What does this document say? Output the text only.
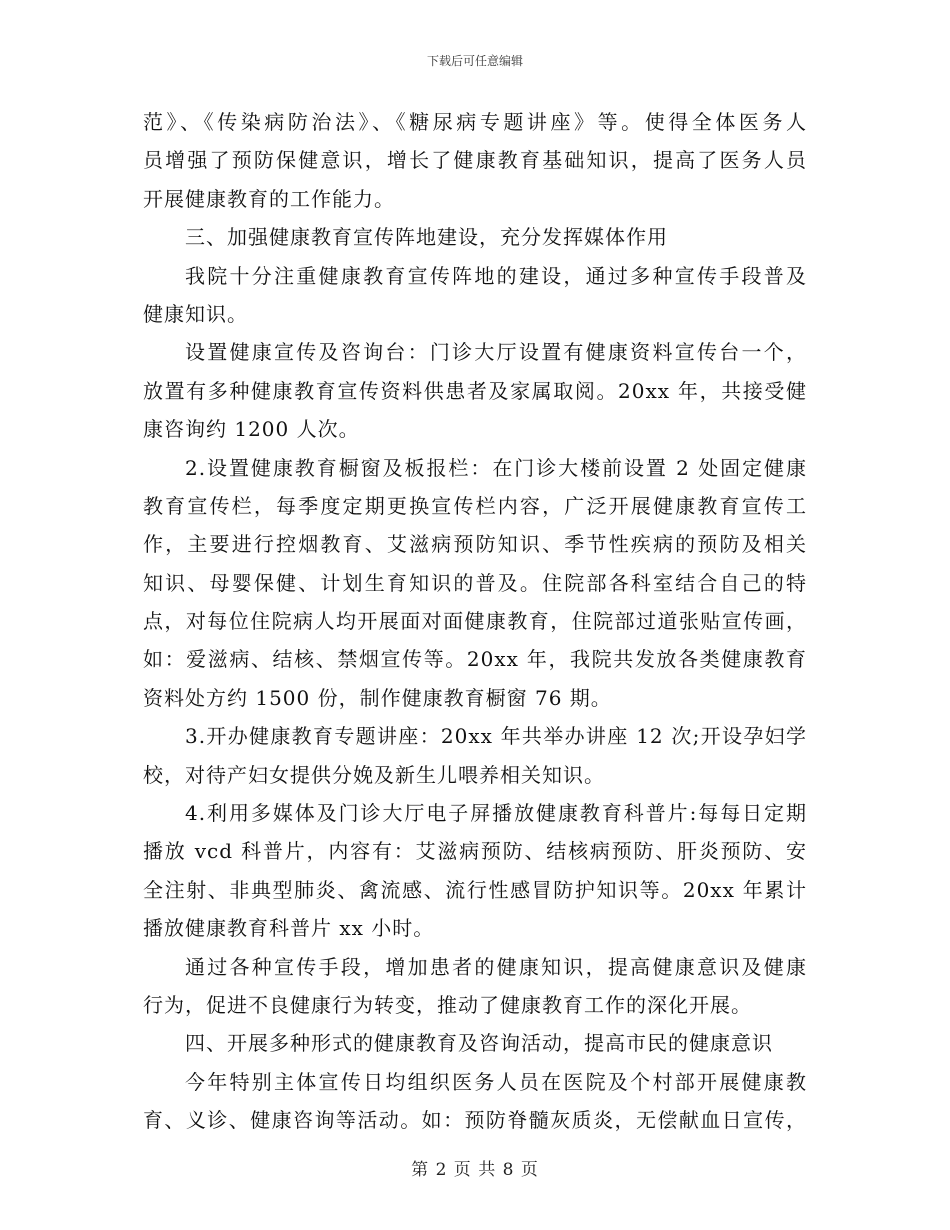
下载后可任意编辑
范》、《传染病防治法》、《糖尿病专题讲座》等。使得全体医务人
员增强了预防保健意识，增长了健康教育基础知识，提高了医务人员
开展健康教育的工作能力。
三、加强健康教育宣传阵地建设，充分发挥媒体作用
我院十分注重健康教育宣传阵地的建设，通过多种宣传手段普及
健康知识。
设置健康宣传及咨询台：门诊大厅设置有健康资料宣传台一个，
放置有多种健康教育宣传资料供患者及家属取阅。20xx 年，共接受健
康咨询约 1200 人次。
2.设置健康教育橱窗及板报栏：在门诊大楼前设置 2 处固定健康
教育宣传栏，每季度定期更换宣传栏内容，广泛开展健康教育宣传工
作，主要进行控烟教育、艾滋病预防知识、季节性疾病的预防及相关
知识、母婴保健、计划生育知识的普及。住院部各科室结合自己的特
点，对每位住院病人均开展面对面健康教育，住院部过道张贴宣传画，
如：爱滋病、结核、禁烟宣传等。20xx 年，我院共发放各类健康教育
资料处方约 1500 份，制作健康教育橱窗 76 期。
3.开办健康教育专题讲座：20xx 年共举办讲座 12 次;开设孕妇学
校，对待产妇女提供分娩及新生儿喂养相关知识。
4.利用多媒体及门诊大厅电子屏播放健康教育科普片:每每日定期
播放 vcd 科普片，内容有：艾滋病预防、结核病预防、肝炎预防、安
全注射、非典型肺炎、禽流感、流行性感冒防护知识等。20xx 年累计
播放健康教育科普片 xx 小时。
通过各种宣传手段，增加患者的健康知识，提高健康意识及健康
行为，促进不良健康行为转变，推动了健康教育工作的深化开展。
四、开展多种形式的健康教育及咨询活动，提高市民的健康意识
今年特别主体宣传日均组织医务人员在医院及个村部开展健康教
育、义诊、健康咨询等活动。如：预防脊髓灰质炎，无偿献血日宣传，
第 2 页 共 8 页
